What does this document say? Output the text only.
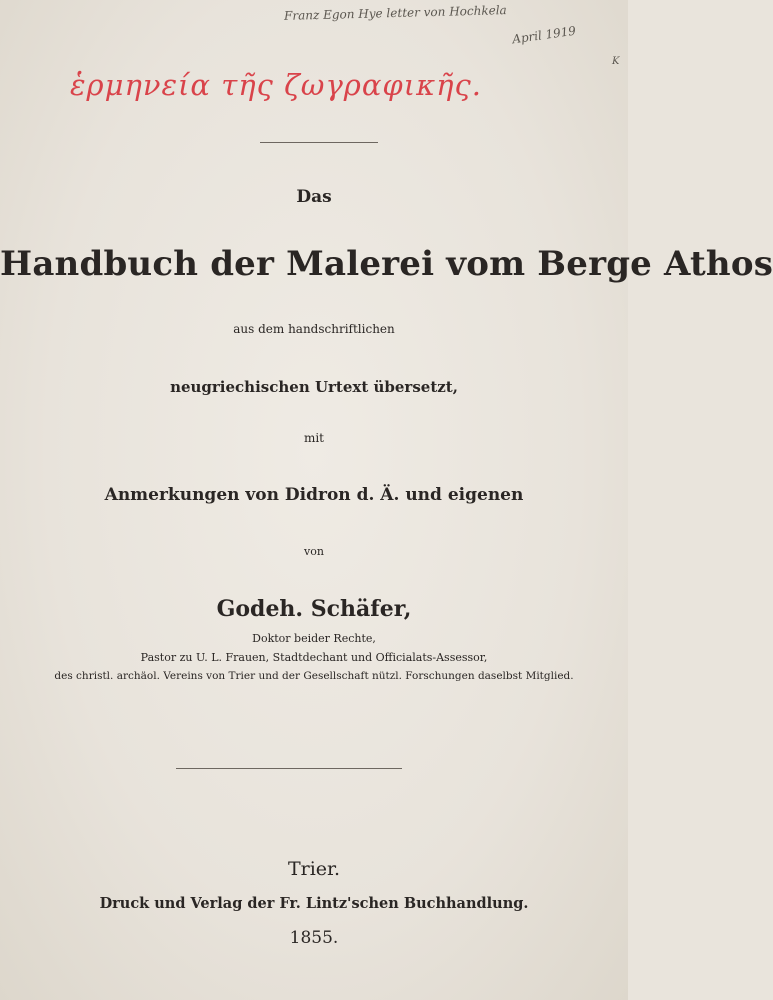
Franz Egon Hye letter von Hochkela
April 1919
K
ἑρμηνεία τῆς ζωγραφικῆς.
Das
Handbuch der Malerei vom Berge Athos
aus dem handschriftlichen
neugriechischen Urtext übersetzt,
mit
Anmerkungen von Didron d. Ä. und eigenen
von
Godeh. Schäfer,
Doktor beider Rechte,
Pastor zu U. L. Frauen, Stadtdechant und Officialats-Assessor,
des christl. archäol. Vereins von Trier und der Gesellschaft nützl. Forschungen daselbst Mitglied.
Trier.
Druck und Verlag der Fr. Lintz'schen Buchhandlung.
1855.
